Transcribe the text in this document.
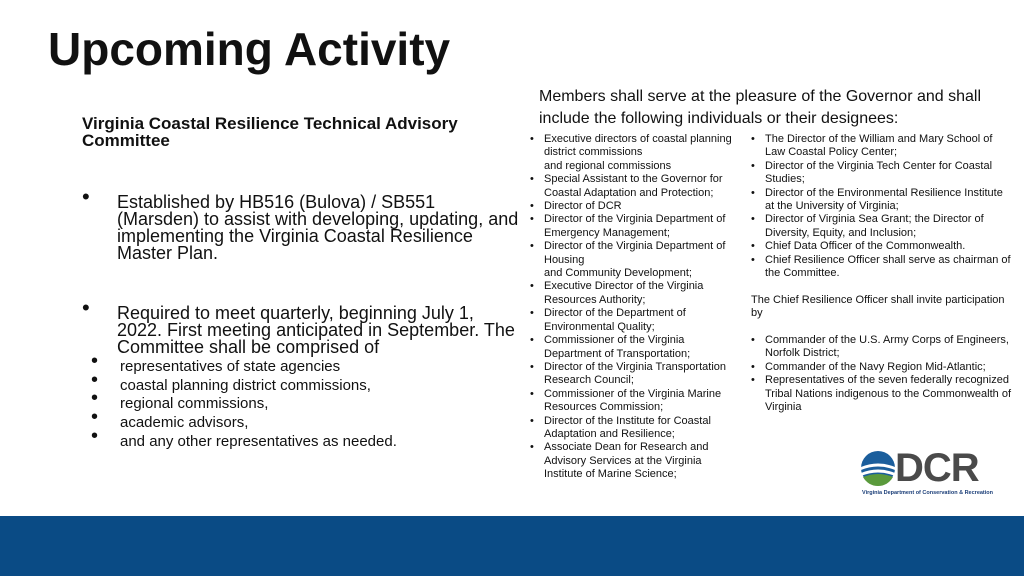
Upcoming Activity

Virginia Coastal Resilience Technical Advisory Committee

• Established by HB516 (Bulova) / SB551 (Marsden) to assist with developing, updating, and implementing the Virginia Coastal Resilience Master Plan.
• Required to meet quarterly, beginning July 1, 2022. First meeting anticipated in September. The Committee shall be comprised of
• representatives of state agencies
• coastal planning district commissions,
• regional commissions,
• academic advisors,
• and any other representatives as needed.

Members shall serve at the pleasure of the Governor and shall include the following individuals or their designees:

• Executive directors of coastal planning district commissions
and regional commissions
• Special Assistant to the Governor for Coastal Adaptation and Protection;
• Director of DCR
• Director of the Virginia Department of Emergency Management;
• Director of the Virginia Department of Housing
and Community Development;
• Executive Director of the Virginia Resources Authority;
• Director of the Department of Environmental Quality;
• Commissioner of the Virginia Department of Transportation;
• Director of the Virginia Transportation Research Council;
• Commissioner of the Virginia Marine Resources Commission;
• Director of the Institute for Coastal Adaptation and Resilience;
• Associate Dean for Research and Advisory Services at the Virginia Institute of Marine Science;
• The Director of the William and Mary School of Law Coastal Policy Center;
• Director of the Virginia Tech Center for Coastal Studies;
• Director of the Environmental Resilience Institute at the University of Virginia;
• Director of Virginia Sea Grant; the Director of Diversity, Equity, and Inclusion;
• Chief Data Officer of the Commonwealth.
• Chief Resilience Officer shall serve as chairman of the Committee.

The Chief Resilience Officer shall invite participation by

• Commander of the U.S. Army Corps of Engineers, Norfolk District;
• Commander of the Navy Region Mid-Atlantic;
• Representatives of the seven federally recognized Tribal Nations indigenous to the Commonwealth of Virginia
DCR
Virginia Department of Conservation & Recreation
